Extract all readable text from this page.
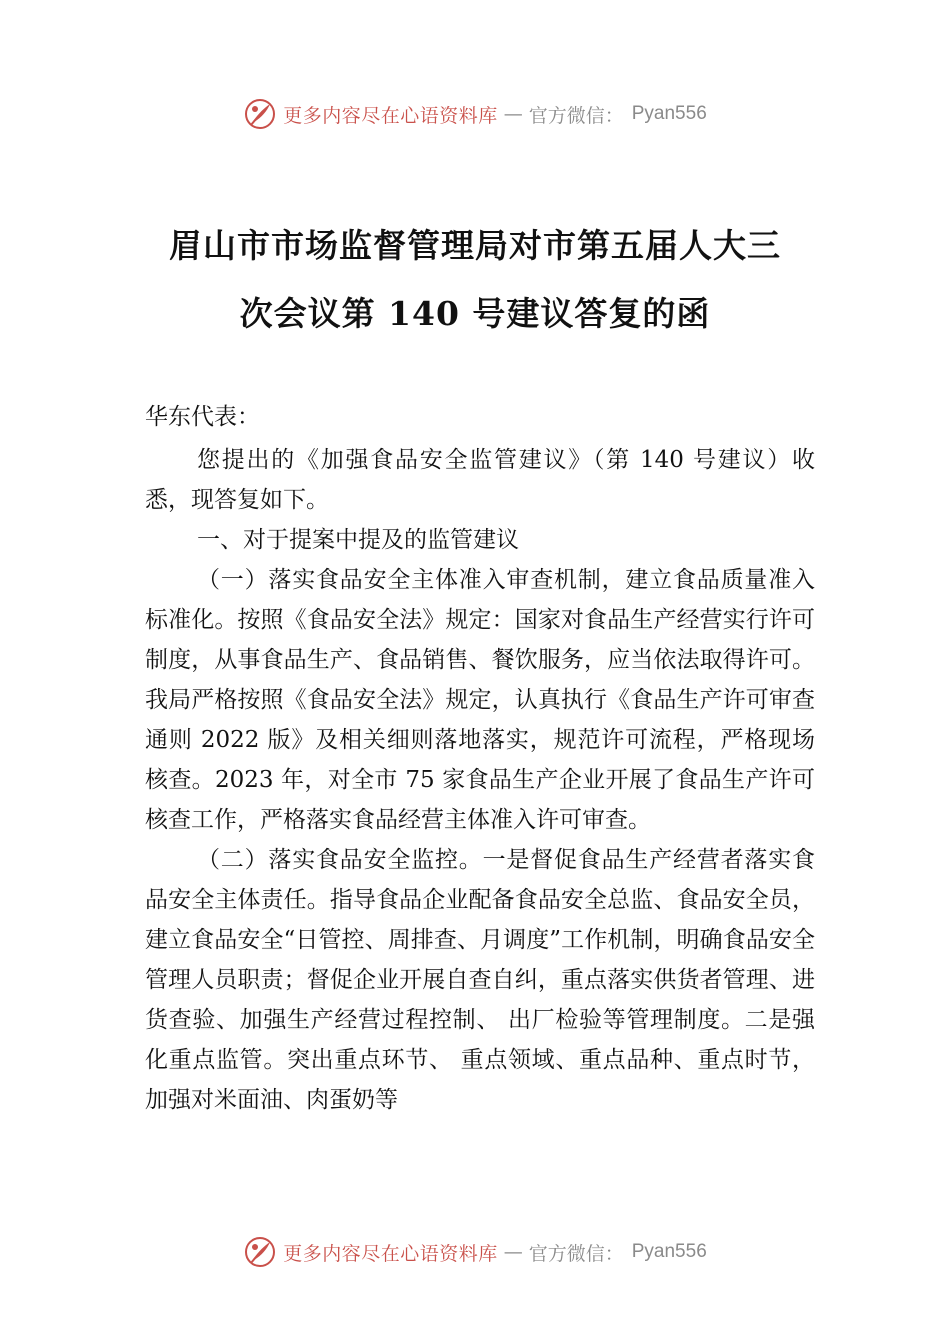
更多内容尽在心语资料库 — 官方微信： Pyan556
眉山市市场监督管理局对市第五届人大三
次会议第 140 号建议答复的函
华东代表：

您提出的《加强食品安全监管建议》（第 140 号建议）收悉，现答复如下。

一、对于提案中提及的监管建议

（一）落实食品安全主体准入审查机制，建立食品质量准入标准化。按照《食品安全法》规定：国家对食品生产经营实行许可制度，从事食品生产、食品销售、餐饮服务，应当依法取得许可。我局严格按照《食品安全法》规定，认真执行《食品生产许可审查通则 2022 版》及相关细则落地落实，规范许可流程，严格现场核查。2023 年，对全市 75 家食品生产企业开展了食品生产许可核查工作，严格落实食品经营主体准入许可审查。

（二）落实食品安全监控。一是督促食品生产经营者落实食品安全主体责任。指导食品企业配备食品安全总监、食品安全员，建立食品安全“日管控、周排查、月调度”工作机制，明确食品安全管理人员职责；督促企业开展自查自纠，重点落实供货者管理、进货查验、加强生产经营过程控制、 出厂检验等管理制度。二是强化重点监管。突出重点环节、 重点领域、重点品种、重点时节，加强对米面油、肉蛋奶等

更多内容尽在心语资料库 — 官方微信： Pyan556
